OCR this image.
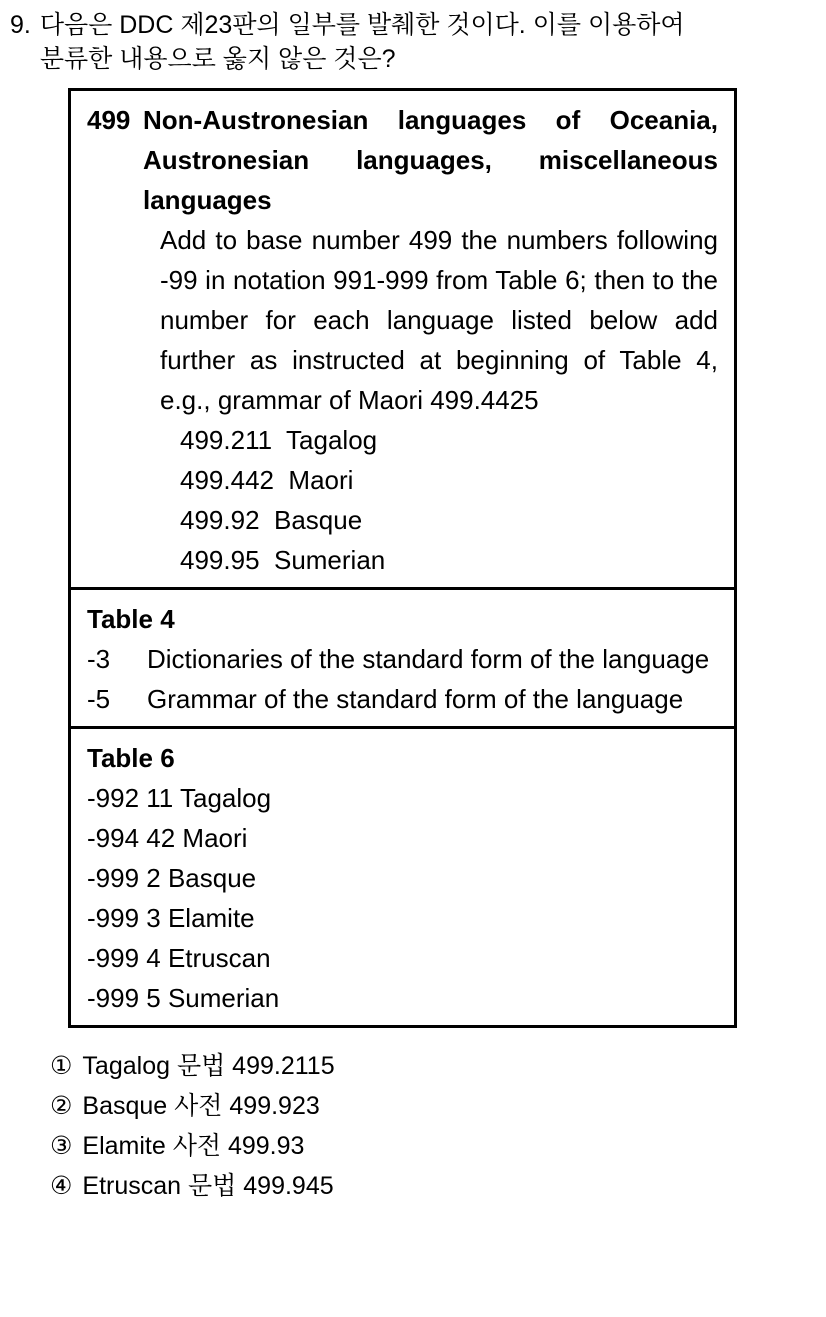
9. 다음은 DDC 제23판의 일부를 발췌한 것이다. 이를 이용하여
분류한 내용으로 옳지 않은 것은?
499 Non-Austronesian languages of Oceania, Austronesian languages, miscellaneous languages

Add to base number 499 the numbers following -99 in notation 991-999 from Table 6; then to the number for each language listed below add further as instructed at beginning of Table 4, e.g., grammar of Maori 499.4425

499.211  Tagalog
499.442  Maori
499.92  Basque
499.95  Sumerian
Table 4
-3	Dictionaries of the standard form of the language
-5	Grammar of the standard form of the language
Table 6
-992 11 Tagalog
-994 42 Maori
-999 2 Basque
-999 3 Elamite
-999 4 Etruscan
-999 5 Sumerian
① Tagalog 문법 499.2115
② Basque 사전 499.923
③ Elamite 사전 499.93
④ Etruscan 문법 499.945
